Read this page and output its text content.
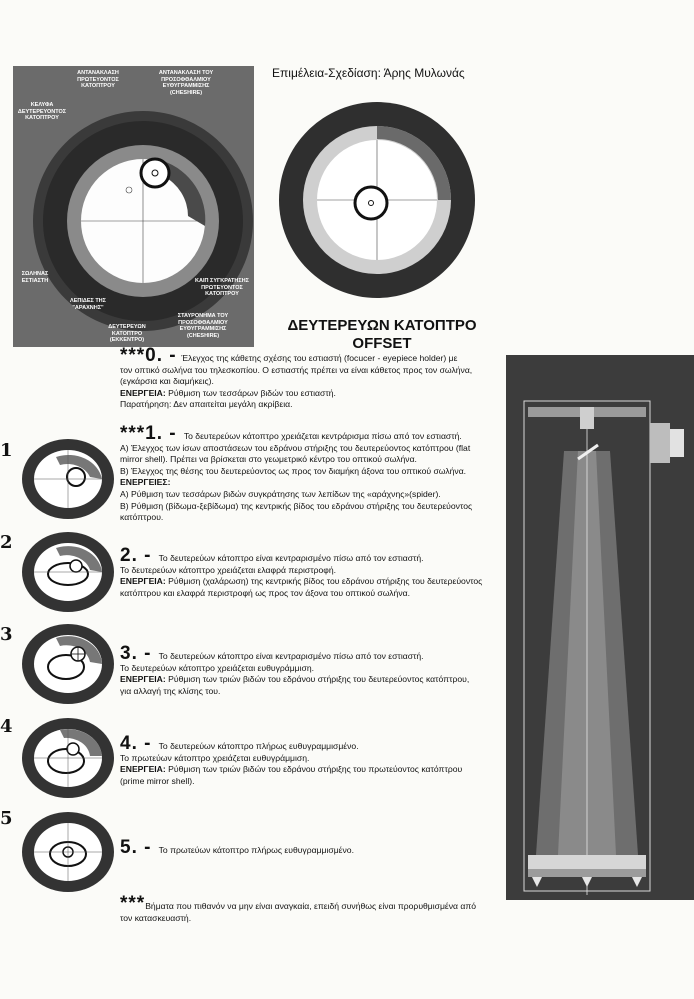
Επιμέλεια-Σχεδίαση: Άρης Μυλωνάς
ΑΝΤΑΝΑΚΛΑΣΗ ΠΡΩΤΕΥΟΝΤΟΣ ΚΑΤΟΠΤΡΟΥ
ΑΝΤΑΝΑΚΛΑΣΗ ΤΟΥ ΠΡΟΣΟΦΘΑΛΜΙΟΥ ΕΥΘΥΓΡΑΜΜΙΣΗΣ (CHESHIRE)
ΚΕΛΥΦΑ ΔΕΥΤΕΡΕΥΟΝΤΟΣ ΚΑΤΟΠΤΡΟΥ
ΣΩΛΗΝΑΣ ΕΣΤΙΑΣΤΗ	ΚΑΙΠ ΣΥΓΚΡΑΤΗΣΗΣ ΠΡΩΤΕΥΟΝΤΟΣ ΚΑΤΟΠΤΡΟΥ
ΛΕΠΙΔΕΣ ΤΗΣ "ΑΡΑΧΝΗΣ"
ΔΕΥΤΕΡΕΥΩΝ ΚΑΤΟΠΤΡΟ (ΕΚΚΕΝΤΡΟ)
ΣΤΑΥΡΟΝΗΜΑ ΤΟΥ ΠΡΟΣΟΦΘΑΛΜΙΟΥ ΕΥΘΥΓΡΑΜΜΙΣΗΣ (CHESHIRE)
ΔΕΥΤΕΡΕΥΩΝ ΚΑΤΟΠΤΡΟ
OFFSET
***0. - Έλεγχος της κάθετης σχέσης του εστιαστή (focucer - eyepiece holder) με
τον οπτικό σωλήνα του τηλεσκοπίου. Ο εστιαστής πρέπει να είναι κάθετος προς τον σωλήνα,
(εγκάρσια και διαμήκεις).
ΕΝΕΡΓΕΙΑ: Ρύθμιση των τεσσάρων βιδών του εστιαστή.
Παρατήρηση: Δεν απαιτείται μεγάλη ακρίβεια.
1
2
3
4
5
***1. - Το δευτερεύων κάτοπτρο χρειάζεται κεντράρισμα πίσω από τον εστιαστή.
Α) Έλεγχος των ίσων αποστάσεων του εδράνου στήριξης του δευτερεύοντος κατόπτρου (flat
mirror shell). Πρέπει να βρίσκεται στο γεωμετρικό κέντρο του οπτικού σωλήνα.
Β) Έλεγχος της θέσης του δευτερεύοντος ως προς τον διαμήκη άξονα του οπτικού σωλήνα.
ΕΝΕΡΓΕΙΕΣ:
Α) Ρύθμιση των τεσσάρων βιδών συγκράτησης των λεπίδων της «αράχνης»(spider).
Β) Ρύθμιση (βίδωμα-ξεβίδωμα) της κεντρικής βίδος του εδράνου στήριξης του δευτερεύοντος
κατόπτρου.
2. - Το δευτερεύων κάτοπτρο είναι κεντραρισμένο πίσω από τον εστιαστή.
Το δευτερεύων κάτοπτρο χρειάζεται ελαφρά περιστροφή.
ΕΝΕΡΓΕΙΑ: Ρύθμιση (χαλάρωση) της κεντρικής βίδος του εδράνου στήριξης του δευτερεύοντος
κατόπτρου και ελαφρά περιστροφή ως προς τον άξονα του οπτικού σωλήνα.
3. - Το δευτερεύων κάτοπτρο είναι κεντραρισμένο πίσω από τον εστιαστή.
Το δευτερεύων κάτοπτρο χρειάζεται ευθυγράμμιση.
ΕΝΕΡΓΕΙΑ: Ρύθμιση των τριών βιδών του εδράνου στήριξης του δευτερεύοντος κατόπτρου,
για αλλαγή της κλίσης του.
4. - Το δευτερεύων κάτοπτρο πλήρως ευθυγραμμισμένο.
Το πρωτεύων κάτοπτρο χρειάζεται ευθυγράμμιση.
ΕΝΕΡΓΕΙΑ: Ρύθμιση των τριών βιδών του εδράνου στήριξης του πρωτεύοντος κατόπτρου
(prime mirror shell).
5. - Το πρωτεύων κάτοπτρο πλήρως ευθυγραμμισμένο.
***Βήματα που πιθανόν να μην είναι αναγκαία, επειδή συνήθως είναι προρυθμισμένα από
τον κατασκευαστή.
